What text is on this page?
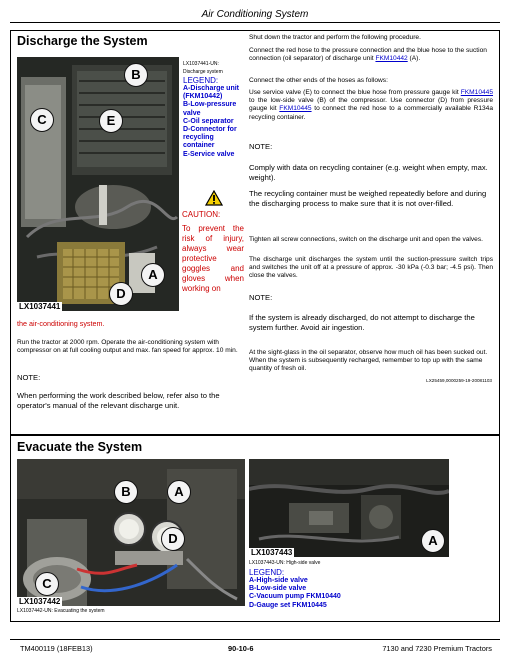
Air Conditioning System
Discharge the System
B
C	E
A
D
LX1037441
LX1037441-UN:
Discharge system
LEGEND:
A-Discharge unit (FKM10442)
B-Low-pressure valve
C-Oil separator
D-Connector for recycling container
E-Service valve
CAUTION:
To prevent the risk of injury, always wear protective goggles and gloves when working on
the air-conditioning system.
Run the tractor at 2000 rpm. Operate the air-conditioning system with compressor on at full cooling output and max. fan speed for approx. 10 min.
NOTE:
When performing the work described below, refer also to the operator's manual of the relevant discharge unit.
Shut down the tractor and perform the following procedure.
Connect the red hose to the pressure connection and the blue hose to the suction connection (oil separator) of discharge unit FKM10442 (A).
Connect the other ends of the hoses as follows:
Use service valve (E) to connect the blue hose from pressure gauge kit FKM10445 to the low-side valve (B) of the compressor. Use connector (D) from pressure gauge kit FKM10445 to connect the red hose to a commercially available R134a recycling container.
NOTE:
Comply with data on recycling container (e.g. weight when empty, max. weight).
The recycling container must be weighed repeatedly before and during the discharging process to make sure that it is not over-filled.
Tighten all screw connections, switch on the discharge unit and open the valves.
The discharge unit discharges the system until the suction-pressure switch trips and switches the unit off at a pressure of approx. -30 kPa (-0.3 bar; -4.5 psi). Then close the valves.
NOTE:
If the system is already discharged, do not attempt to discharge the system further. Avoid air ingestion.
At the sight-glass in the oil separator, observe how much oil has been sucked out. When the system is subsequently recharged, remember to top up with the same quantity of fresh oil.
LX25459,0000259-19-20081103
Evacuate the System
B	A
D
C
LX1037442
LX1037442-UN: Evacuating the system
A
LX1037443
LX1037443-UN: High-side valve
LEGEND:
A-High-side valve
B-Low-side valve
C-Vacuum pump FKM10440
D-Gauge set FKM10445
TM400119 (18FEB13)	90-10-6	7130 and 7230 Premium Tractors
